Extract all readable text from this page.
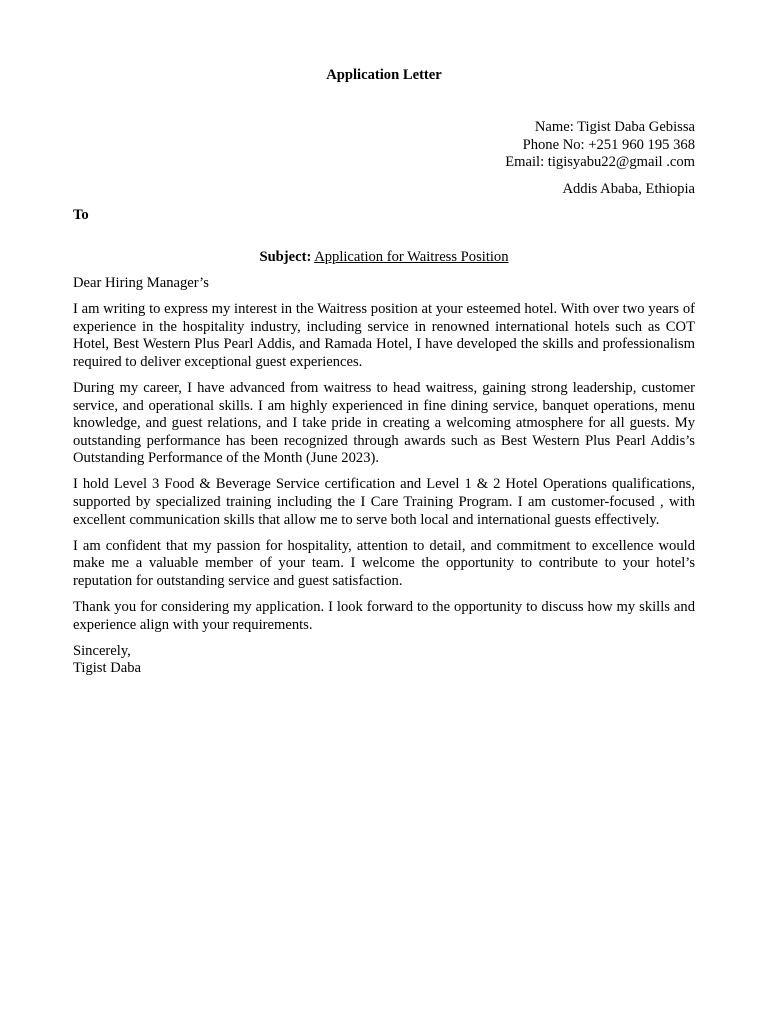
Application Letter
Name: Tigist Daba Gebissa
Phone No: +251 960 195 368
Email: tigisyabu22@gmail .com
Addis Ababa, Ethiopia
To
Subject: Application for Waitress Position

Dear Hiring Manager’s

I am writing to express my interest in the Waitress position at your esteemed hotel. With over two years of experience in the hospitality industry, including service in renowned international hotels such as COT Hotel, Best Western Plus Pearl Addis, and Ramada Hotel, I have developed the skills and professionalism required to deliver exceptional guest experiences.

During my career, I have advanced from waitress to head waitress, gaining strong leadership, customer service, and operational skills. I am highly experienced in fine dining service, banquet operations, menu knowledge, and guest relations, and I take pride in creating a welcoming atmosphere for all guests. My outstanding performance has been recognized through awards such as Best Western Plus Pearl Addis’s Outstanding Performance of the Month (June 2023).

I hold Level 3 Food & Beverage Service certification and Level 1 & 2 Hotel Operations qualifications, supported by specialized training including the I Care Training Program. I am customer-focused , with excellent communication skills that allow me to serve both local and international guests effectively.

I am confident that my passion for hospitality, attention to detail, and commitment to excellence would make me a valuable member of your team. I welcome the opportunity to contribute to your hotel’s reputation for outstanding service and guest satisfaction.

Thank you for considering my application. I look forward to the opportunity to discuss how my skills and experience align with your requirements.

Sincerely,
Tigist Daba
